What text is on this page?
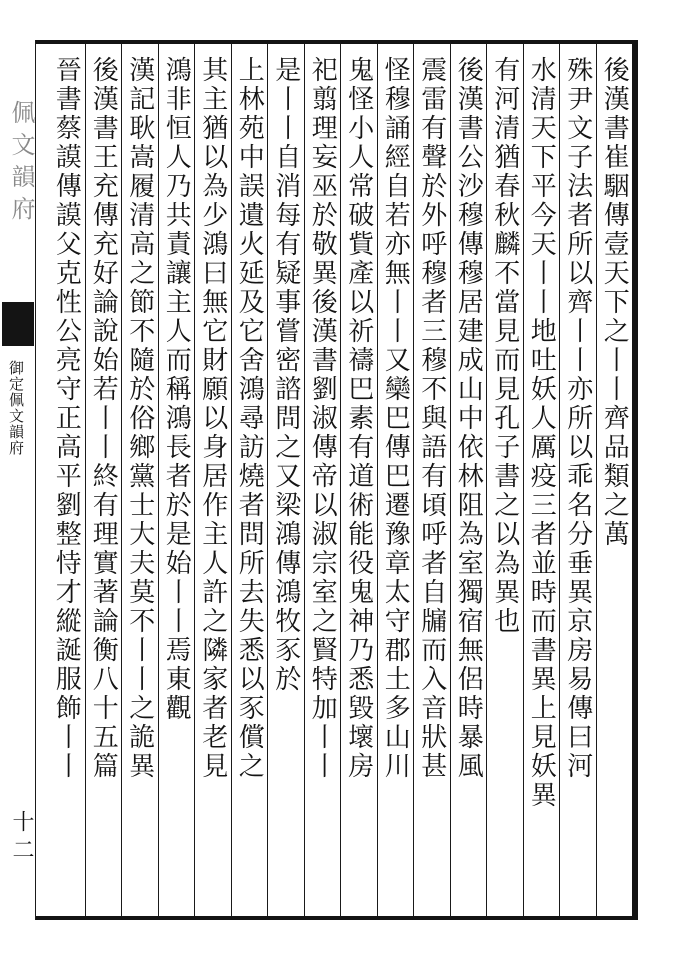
佩文韻府
御定佩文韻府
十二
後漢書崔駰傳壹天下之丨丨齊品類之萬
殊尹文子法者所以齊丨丨亦所以乖名分垂異京房易傳曰河
水清天下平今天丨丨地吐妖人厲疫三者並時而書異上見妖異
有河清猶春秋麟不當見而見孔子書之以為異也
後漢書公沙穆傳穆居建成山中依林阻為室獨宿無侶時暴風
震雷有聲於外呼穆者三穆不與語有頃呼者自牖而入音狀甚
怪穆誦經自若亦無丨丨又欒巴傳巴遷豫章太守郡土多山川
鬼怪小人常破貲產以祈禱巴素有道術能役鬼神乃悉毀壞房
祀翦理妄巫於敬異後漢書劉淑傳帝以淑宗室之賢特加丨丨
是丨丨自消每有疑事嘗密諮問之又梁鴻傳鴻牧豕於
上林苑中誤遺火延及它舍鴻尋訪燒者問所去失悉以豕償之
其主猶以為少鴻曰無它財願以身居作主人許之隣家者老見
鴻非恒人乃共責讓主人而稱鴻長者於是始丨丨焉東觀
漢記耿嵩履清高之節不隨於俗鄉黨士大夫莫不丨丨之詭異
後漢書王充傳充好論說始若丨丨終有理實著論衡八十五篇
晉書蔡謨傳謨父克性公亮守正高平劉整恃才縱誕服飾丨丨
